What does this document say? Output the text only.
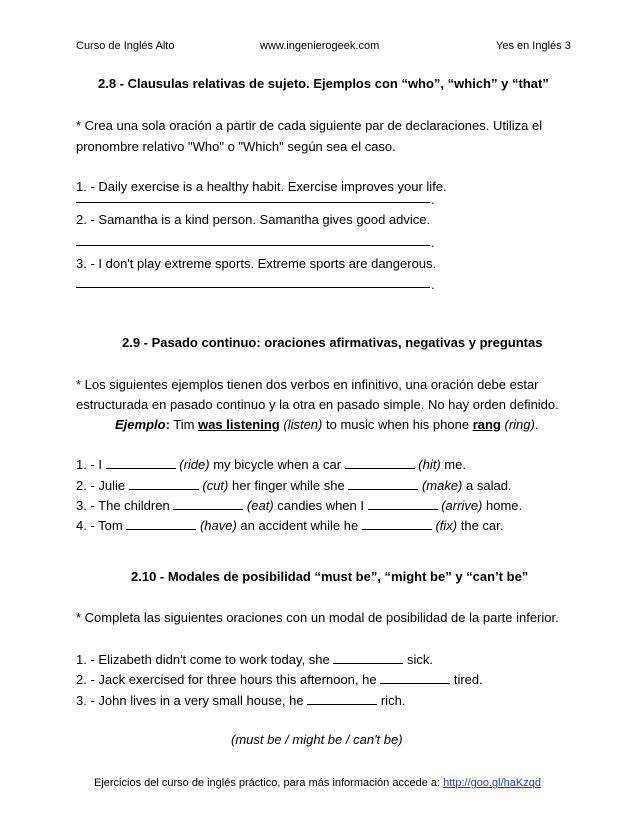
Curso de Inglés Alto	www.ingenierogeek.com	Yes en Inglés 3
2.8 - Clausulas relativas de sujeto. Ejemplos con “who”, “which” y “that”
* Crea una sola oración a partir de cada siguiente par de declaraciones. Utiliza el
pronombre relativo "Who" o "Which" según sea el caso.
1. - Daily exercise is a healthy habit. Exercise improves your life.
.
2. - Samantha is a kind person. Samantha gives good advice.
.
3. - I don't play extreme sports. Extreme sports are dangerous.
.
2.9 - Pasado continuo: oraciones afirmativas, negativas y preguntas
* Los siguientes ejemplos tienen dos verbos en infinitivo, una oración debe estar
estructurada en pasado continuo y la otra en pasado simple. No hay orden definido.
Ejemplo: Tim was listening (listen) to music when his phone rang (ring).
1. - I	(ride) my bicycle when a car	(hit) me.
2. - Julie	(cut) her finger while she	(make) a salad.
3. - The children	(eat) candies when I	(arrive) home.
4. - Tom	(have) an accident while he	(fix) the car.
2.10 - Modales de posibilidad “must be”, “might be” y “can’t be”
* Completa las siguientes oraciones con un modal de posibilidad de la parte inferior.
1. - Elizabeth didn't come to work today, she	sick.
2. - Jack exercised for three hours this afternoon, he	tired.
3. - John lives in a very small house, he	rich.
(must be / might be / can't be)
Ejercicios del curso de inglés práctico, para más información accede a: http://goo.gl/haKzqd
